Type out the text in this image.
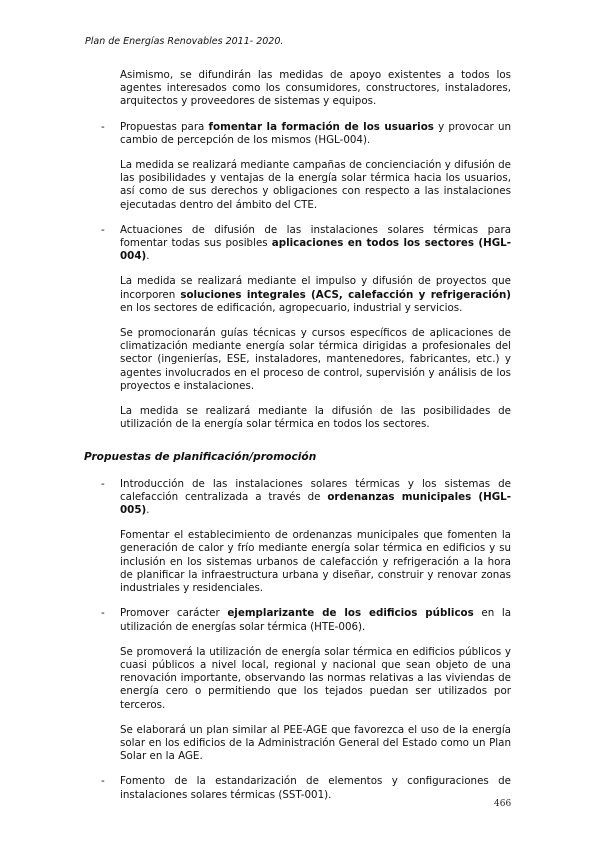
Plan de Energías Renovables 2011- 2020.
Asimismo, se difundirán las medidas de apoyo existentes a todos los agentes interesados como los consumidores, constructores, instaladores, arquitectos y proveedores de sistemas y equipos.
- Propuestas para fomentar la formación de los usuarios y provocar un cambio de percepción de los mismos (HGL-004).
La medida se realizará mediante campañas de concienciación y difusión de las posibilidades y ventajas de la energía solar térmica hacia los usuarios, así como de sus derechos y obligaciones con respecto a las instalaciones ejecutadas dentro del ámbito del CTE.
- Actuaciones de difusión de las instalaciones solares térmicas para fomentar todas sus posibles aplicaciones en todos los sectores (HGL-004).
La medida se realizará mediante el impulso y difusión de proyectos que incorporen soluciones integrales (ACS, calefacción y refrigeración) en los sectores de edificación, agropecuario, industrial y servicios.
Se promocionarán guías técnicas y cursos específicos de aplicaciones de climatización mediante energía solar térmica dirigidas a profesionales del sector (ingenierías, ESE, instaladores, mantenedores, fabricantes, etc.) y agentes involucrados en el proceso de control, supervisión y análisis de los proyectos e instalaciones.
La medida se realizará mediante la difusión de las posibilidades de utilización de la energía solar térmica en todos los sectores.
Propuestas de planificación/promoción
- Introducción de las instalaciones solares térmicas y los sistemas de calefacción centralizada a través de ordenanzas municipales (HGL-005).
Fomentar el establecimiento de ordenanzas municipales que fomenten la generación de calor y frío mediante energía solar térmica en edificios y su inclusión en los sistemas urbanos de calefacción y refrigeración a la hora de planificar la infraestructura urbana y diseñar, construir y renovar zonas industriales y residenciales.
- Promover carácter ejemplarizante de los edificios públicos en la utilización de energías solar térmica (HTE-006).
Se promoverá la utilización de energía solar térmica en edificios públicos y cuasi públicos a nivel local, regional y nacional que sean objeto de una renovación importante, observando las normas relativas a las viviendas de energía cero o permitiendo que los tejados puedan ser utilizados por terceros.
Se elaborará un plan similar al PEE-AGE que favorezca el uso de la energía solar en los edificios de la Administración General del Estado como un Plan Solar en la AGE.
- Fomento de la estandarización de elementos y configuraciones de instalaciones solares térmicas (SST-001).
466
